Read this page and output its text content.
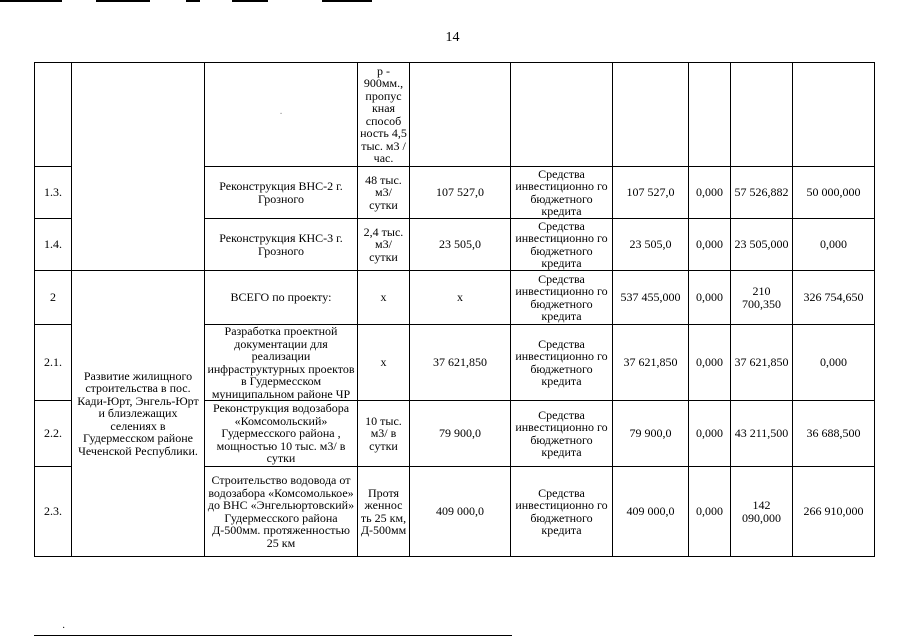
14
		·	р - 900мм., пропус кная способ ность 4,5 тыс. м3 /час.						
1.3.		Реконструкция ВНС-2 г. Грозного	48 тыс. м3/ сутки	107 527,0	Средства инвестиционно го бюджетного кредита	107 527,0	0,000	57 526,882	50 000,000
1.4.		Реконструкция КНС-3 г. Грозного	2,4 тыс. м3/ сутки	23 505,0	Средства инвестиционно го бюджетного кредита	23 505,0	0,000	23 505,000	0,000
2	Развитие жилищного строительства в пос. Кади-Юрт, Энгель-Юрт и близлежащих селениях в Гудермесском районе Чеченской Республики.	ВСЕГО по проекту:	х	х	Средства инвестиционно го бюджетного кредита	537 455,000	0,000	210 700,350	326 754,650
2.1.		Разработка проектной документации для реализации инфраструктурных проектов в Гудермесском муниципальном районе ЧР	х	37 621,850	Средства инвестиционно го бюджетного кредита	37 621,850	0,000	37 621,850	0,000
2.2.		Реконструкция водозабора «Комсомольский» Гудермесского района , мощностью 10 тыс. м3/ в сутки	10 тыс. м3/ в сутки	79 900,0	Средства инвестиционно го бюджетного кредита	79 900,0	0,000	43 211,500	36 688,500
2.3.		Строительство водовода от водозабора «Комсомолькое» до ВНС «Энгельюртовский» Гудермесского района Д-500мм. протяженностью 25 км	Протя женнос ть 25 км, Д-500мм	409 000,0	Средства инвестиционно го бюджетного кредита	409 000,0	0,000	142 090,000	266 910,000
·
